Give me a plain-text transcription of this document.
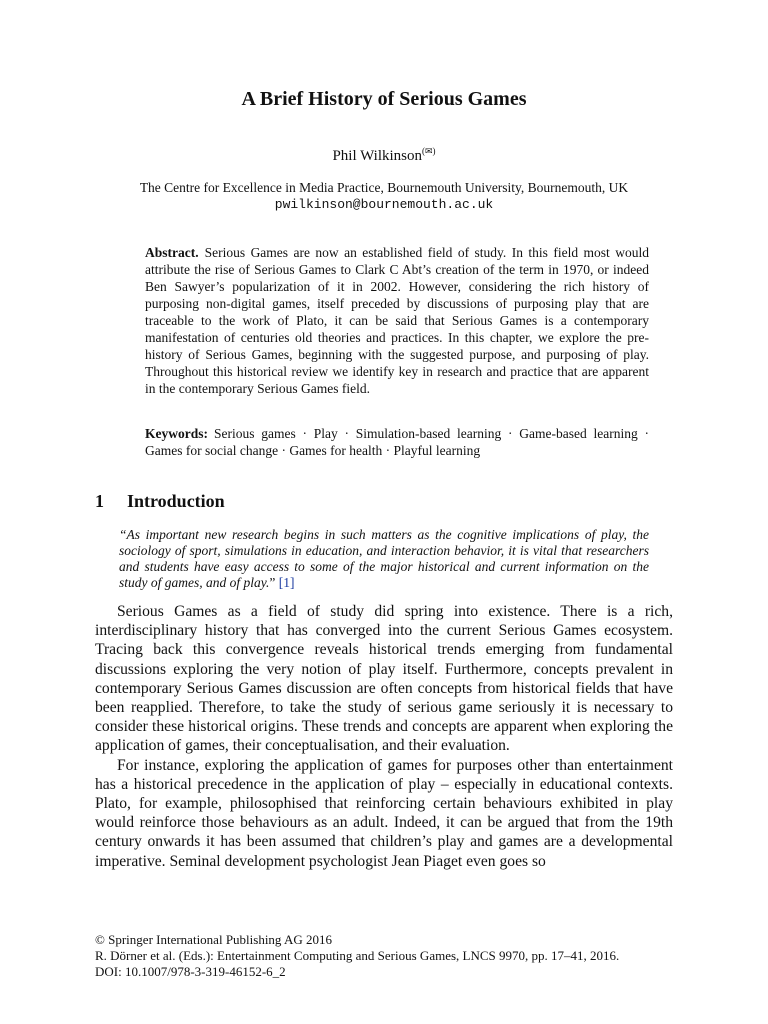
A Brief History of Serious Games
Phil Wilkinson(✉)
The Centre for Excellence in Media Practice, Bournemouth University, Bournemouth, UK
pwilkinson@bournemouth.ac.uk
Abstract. Serious Games are now an established field of study. In this field most would attribute the rise of Serious Games to Clark C Abt’s creation of the term in 1970, or indeed Ben Sawyer’s popularization of it in 2002. However, considering the rich history of purposing non-digital games, itself preceded by discussions of purposing play that are traceable to the work of Plato, it can be said that Serious Games is a contemporary manifestation of centuries old theories and practices. In this chapter, we explore the pre-history of Serious Games, beginning with the suggested purpose, and purposing of play. Throughout this historical review we identify key in research and practice that are apparent in the contemporary Serious Games field.
Keywords: Serious games · Play · Simulation-based learning · Game-based learning · Games for social change · Games for health · Playful learning
1 Introduction
“As important new research begins in such matters as the cognitive implications of play, the sociology of sport, simulations in education, and interaction behavior, it is vital that researchers and students have easy access to some of the major historical and current information on the study of games, and of play.” [1]

Serious Games as a field of study did spring into existence. There is a rich, interdisciplinary history that has converged into the current Serious Games ecosystem. Tracing back this convergence reveals historical trends emerging from fundamental discussions exploring the very notion of play itself. Furthermore, concepts prevalent in contemporary Serious Games discussion are often concepts from historical fields that have been reapplied. Therefore, to take the study of serious game seriously it is necessary to consider these historical origins. These trends and concepts are apparent when exploring the application of games, their conceptualisation, and their evaluation.

For instance, exploring the application of games for purposes other than entertainment has a historical precedence in the application of play – especially in educational contexts. Plato, for example, philosophised that reinforcing certain behaviours exhibited in play would reinforce those behaviours as an adult. Indeed, it can be argued that from the 19th century onwards it has been assumed that children’s play and games are a developmental imperative. Seminal development psychologist Jean Piaget even goes so

© Springer International Publishing AG 2016
R. Dörner et al. (Eds.): Entertainment Computing and Serious Games, LNCS 9970, pp. 17–41, 2016.
DOI: 10.1007/978-3-319-46152-6_2
